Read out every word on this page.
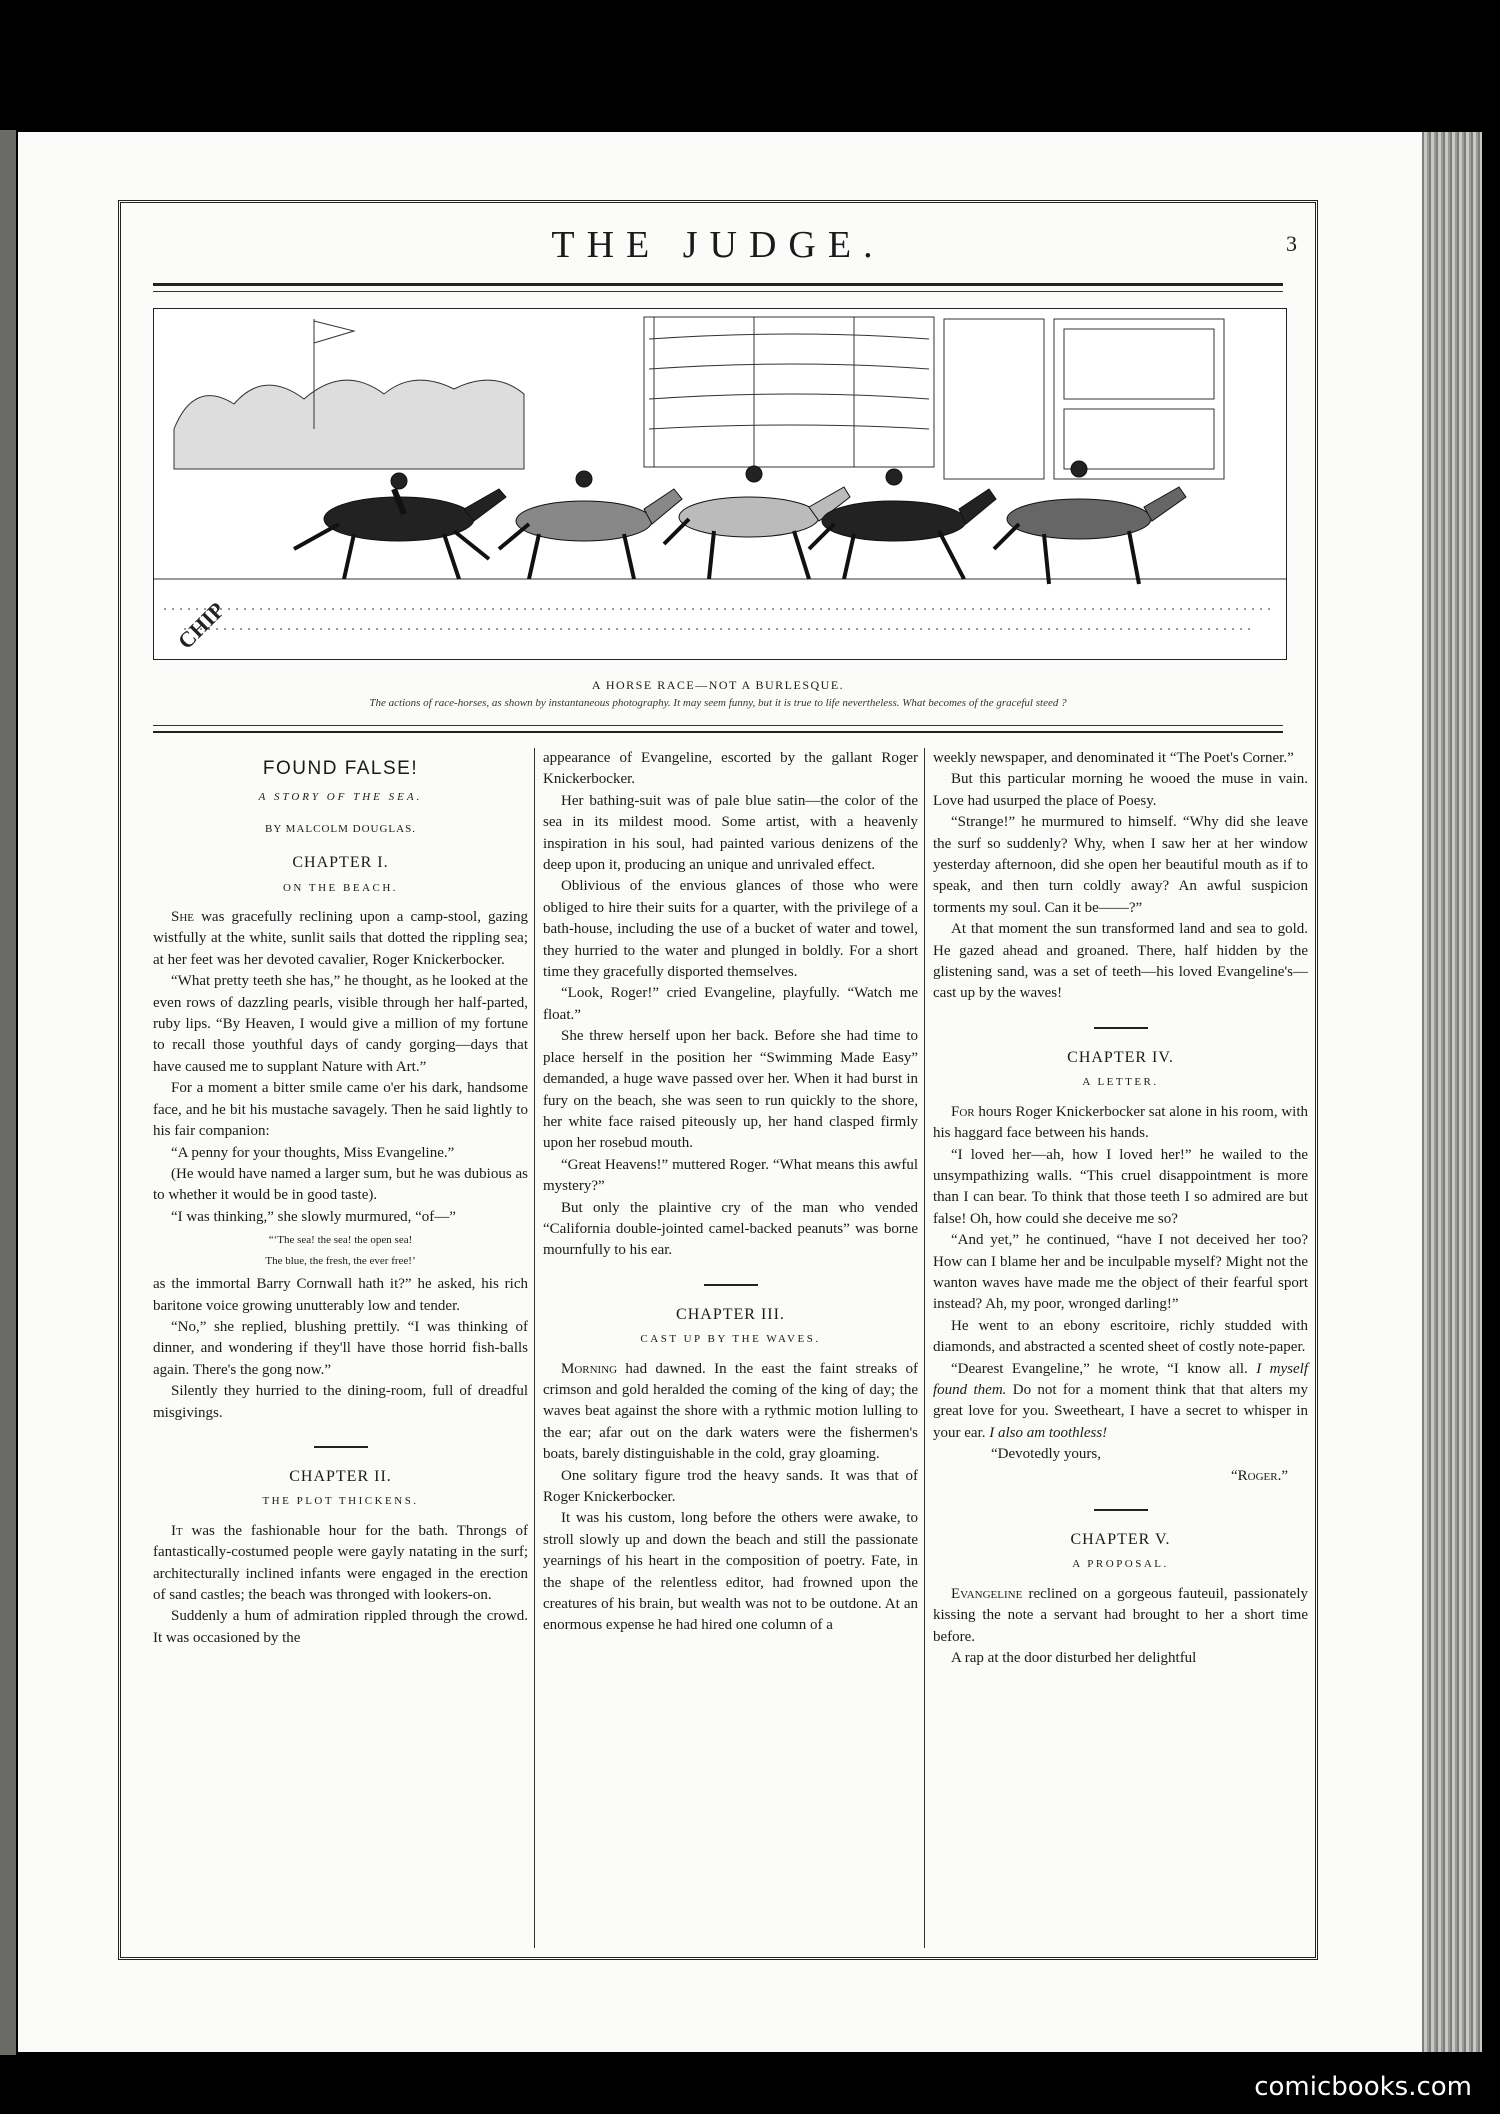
THE JUDGE.	3
CHIP
A HORSE RACE—NOT A BURLESQUE.
The actions of race-horses, as shown by instantaneous photography. It may seem funny, but it is true to life nevertheless. What becomes of the graceful steed ?
FOUND FALSE!
A STORY OF THE SEA.
BY MALCOLM DOUGLAS.
CHAPTER I.
ON THE BEACH.

She was gracefully reclining upon a camp-stool, gazing wistfully at the white, sunlit sails that dotted the rippling sea; at her feet was her devoted cavalier, Roger Knickerbocker.

“What pretty teeth she has,” he thought, as he looked at the even rows of dazzling pearls, visible through her half-parted, ruby lips. “By Heaven, I would give a million of my fortune to recall those youthful days of candy gorging—days that have caused me to supplant Nature with Art.”

For a moment a bitter smile came o'er his dark, handsome face, and he bit his mustache savagely. Then he said lightly to his fair companion:

“A penny for your thoughts, Miss Evangeline.”

(He would have named a larger sum, but he was dubious as to whether it would be in good taste).

“I was thinking,” she slowly murmured, “of—”

“‘The sea! the sea! the open sea!
The blue, the fresh, the ever free!’

as the immortal Barry Cornwall hath it?” he asked, his rich baritone voice growing unutterably low and tender.

“No,” she replied, blushing prettily. “I was thinking of dinner, and wondering if they'll have those horrid fish-balls again. There's the gong now.”

Silently they hurried to the dining-room, full of dreadful misgivings.

CHAPTER II.
THE PLOT THICKENS.

It was the fashionable hour for the bath. Throngs of fantastically-costumed people were gayly natating in the surf; architecturally inclined infants were engaged in the erection of sand castles; the beach was thronged with lookers-on.

Suddenly a hum of admiration rippled through the crowd. It was occasioned by the

appearance of Evangeline, escorted by the gallant Roger Knickerbocker.

Her bathing-suit was of pale blue satin—the color of the sea in its mildest mood. Some artist, with a heavenly inspiration in his soul, had painted various denizens of the deep upon it, producing an unique and unrivaled effect.

Oblivious of the envious glances of those who were obliged to hire their suits for a quarter, with the privilege of a bath-house, including the use of a bucket of water and towel, they hurried to the water and plunged in boldly. For a short time they gracefully disported themselves.

“Look, Roger!” cried Evangeline, playfully. “Watch me float.”

She threw herself upon her back. Before she had time to place herself in the position her “Swimming Made Easy” demanded, a huge wave passed over her. When it had burst in fury on the beach, she was seen to run quickly to the shore, her white face raised piteously up, her hand clasped firmly upon her rosebud mouth.

“Great Heavens!” muttered Roger. “What means this awful mystery?”

But only the plaintive cry of the man who vended “California double-jointed camel-backed peanuts” was borne mournfully to his ear.

CHAPTER III.
CAST UP BY THE WAVES.

Morning had dawned. In the east the faint streaks of crimson and gold heralded the coming of the king of day; the waves beat against the shore with a rythmic motion lulling to the ear; afar out on the dark waters were the fishermen's boats, barely distinguishable in the cold, gray gloaming.

One solitary figure trod the heavy sands. It was that of Roger Knickerbocker.

It was his custom, long before the others were awake, to stroll slowly up and down the beach and still the passionate yearnings of his heart in the composition of poetry. Fate, in the shape of the relentless editor, had frowned upon the creatures of his brain, but wealth was not to be outdone. At an enormous expense he had hired one column of a

weekly newspaper, and denominated it “The Poet's Corner.”

But this particular morning he wooed the muse in vain. Love had usurped the place of Poesy.

“Strange!” he murmured to himself. “Why did she leave the surf so suddenly? Why, when I saw her at her window yesterday afternoon, did she open her beautiful mouth as if to speak, and then turn coldly away? An awful suspicion torments my soul. Can it be——?”

At that moment the sun transformed land and sea to gold. He gazed ahead and groaned. There, half hidden by the glistening sand, was a set of teeth—his loved Evangeline's—cast up by the waves!

CHAPTER IV.
A LETTER.

For hours Roger Knickerbocker sat alone in his room, with his haggard face between his hands.

“I loved her—ah, how I loved her!” he wailed to the unsympathizing walls. “This cruel disappointment is more than I can bear. To think that those teeth I so admired are but false! Oh, how could she deceive me so?

“And yet,” he continued, “have I not deceived her too? How can I blame her and be inculpable myself? Might not the wanton waves have made me the object of their fearful sport instead? Ah, my poor, wronged darling!”

He went to an ebony escritoire, richly studded with diamonds, and abstracted a scented sheet of costly note-paper.

“Dearest Evangeline,” he wrote, “I know all. I myself found them. Do not for a moment think that that alters my great love for you. Sweetheart, I have a secret to whisper in your ear. I also am toothless!

“Devotedly yours,

“Roger.”

CHAPTER V.
A PROPOSAL.

Evangeline reclined on a gorgeous fauteuil, passionately kissing the note a servant had brought to her a short time before.

A rap at the door disturbed her delightful

comicbooks.com
